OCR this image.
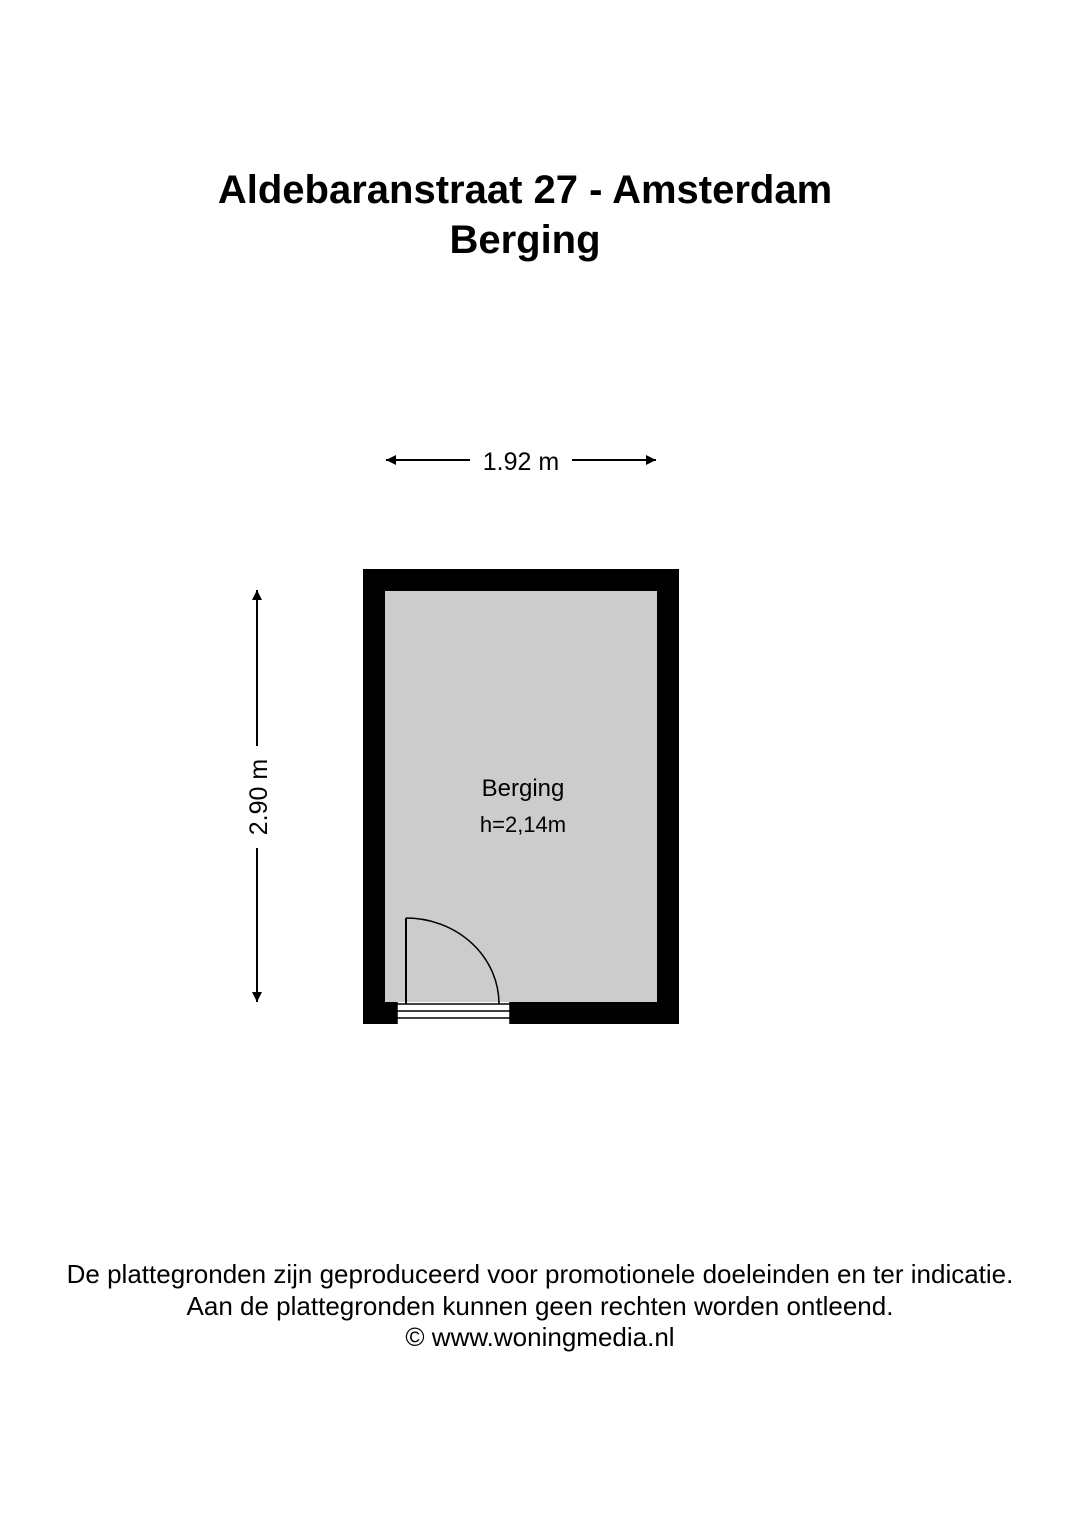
Aldebaranstraat 27 - Amsterdam
Berging
1.92 m
2.90 m	Berging
h=2,14m

De plattegronden zijn geproduceerd voor promotionele doeleinden en ter indicatie.

Aan de plattegronden kunnen geen rechten worden ontleend.

© www.woningmedia.nl
